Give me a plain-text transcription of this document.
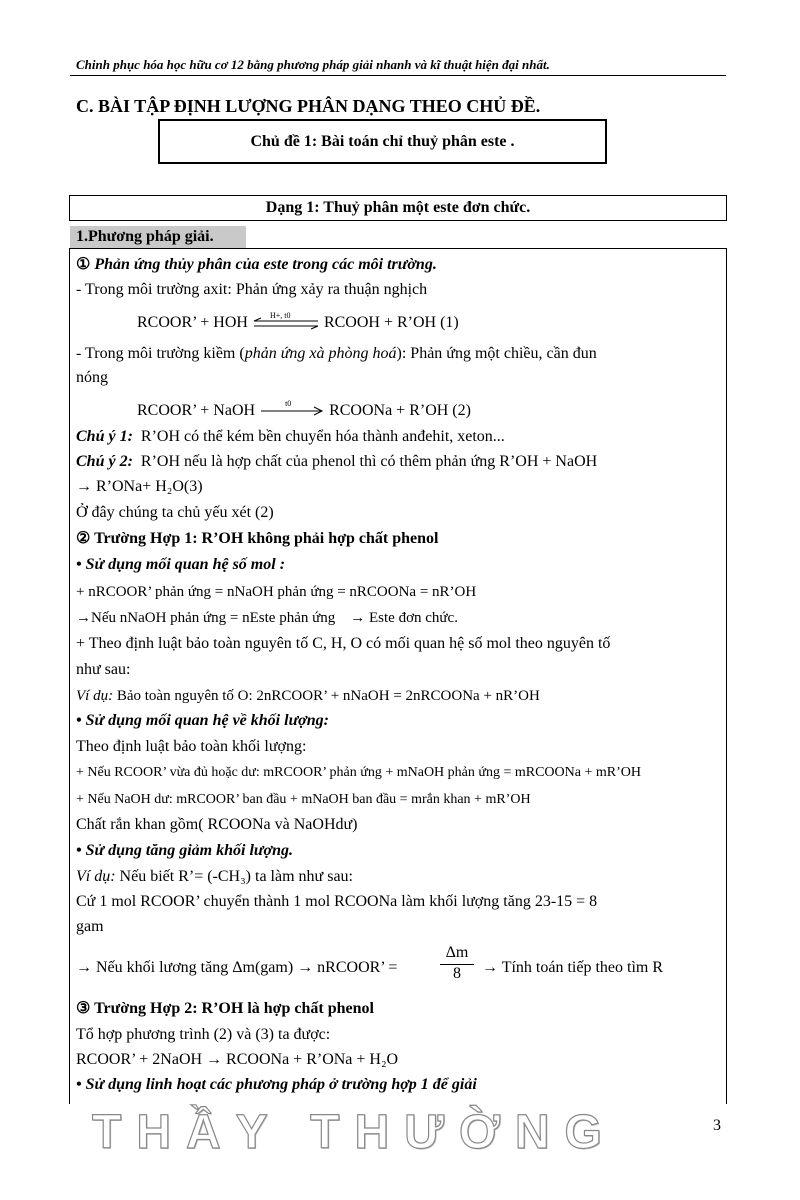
Chinh phục hóa học hữu cơ 12 bằng phương pháp giải nhanh và kĩ thuật hiện đại nhất.
C. BÀI TẬP ĐỊNH LƯỢNG PHÂN DẠNG THEO CHỦ ĐỀ.
Chủ đề 1: Bài toán chỉ thuỷ phân este .
Dạng 1: Thuỷ phân một este đơn chức.
1.Phương pháp giải.
① Phản ứng thủy phân của este trong các môi trường.
- Trong môi trường axit: Phản ứng xảy ra thuận nghịch
RCOOR’ + HOH	H+, t0 RCOOH + R’OH (1)
- Trong môi trường kiềm (phản ứng xà phòng hoá): Phản ứng một chiều, cần đun
nóng
RCOOR’ + NaOH	t0 RCOONa + R’OH (2)
Chú ý 1: R’OH có thể kém bền chuyển hóa thành anđehit, xeton...
Chú ý 2: R’OH nếu là hợp chất của phenol thì có thêm phản ứng R’OH + NaOH
→ R’ONa+ H₂O(3)
Ở đây chúng ta chủ yếu xét (2)
② Trường Hợp 1: R’OH không phải hợp chất phenol
• Sử dụng mối quan hệ số mol :
+ nRCOOR’ phản ứng = nNaOH phản ứng = nRCOONa = nR’OH
→Nếu nNaOH phản ứng = nEste phản ứng → Este đơn chức.
+ Theo định luật bảo toàn nguyên tố C, H, O có mối quan hệ số mol theo nguyên tố
như sau:
Ví dụ: Bảo toàn nguyên tố O: 2nRCOOR’ + nNaOH = 2nRCOONa + nR’OH
• Sử dụng mối quan hệ về khối lượng:
Theo định luật bảo toàn khối lượng:
+ Nếu RCOOR’ vừa đủ hoặc dư: mRCOOR’ phản ứng + mNaOH phản ứng = mRCOONa + mR’OH
+ Nếu NaOH dư: mRCOOR’ ban đầu + mNaOH ban đầu = mrắn khan + mR’OH
Chất rắn khan gồm( RCOONa và NaOHdư)
• Sử dụng tăng giảm khối lượng.
Ví dụ: Nếu biết R’= (-CH₃) ta làm như sau:
Cứ 1 mol RCOOR’ chuyển thành 1 mol RCOONa làm khối lượng tăng 23-15 = 8
gam
→ Nếu khối lương tăng Δm(gam) → nRCOOR’ =	$\frac{\Delta m}{8}$ → Tính toán tiếp theo tìm R
③ Trường Hợp 2: R’OH là hợp chất phenol
Tổ hợp phương trình (2) và (3) ta được:
RCOOR’ + 2NaOH → RCOONa + R’ONa + H₂O
• Sử dụng linh hoạt các phương pháp ở trường hợp 1 để giải
THẦY THƯỜNG	3
